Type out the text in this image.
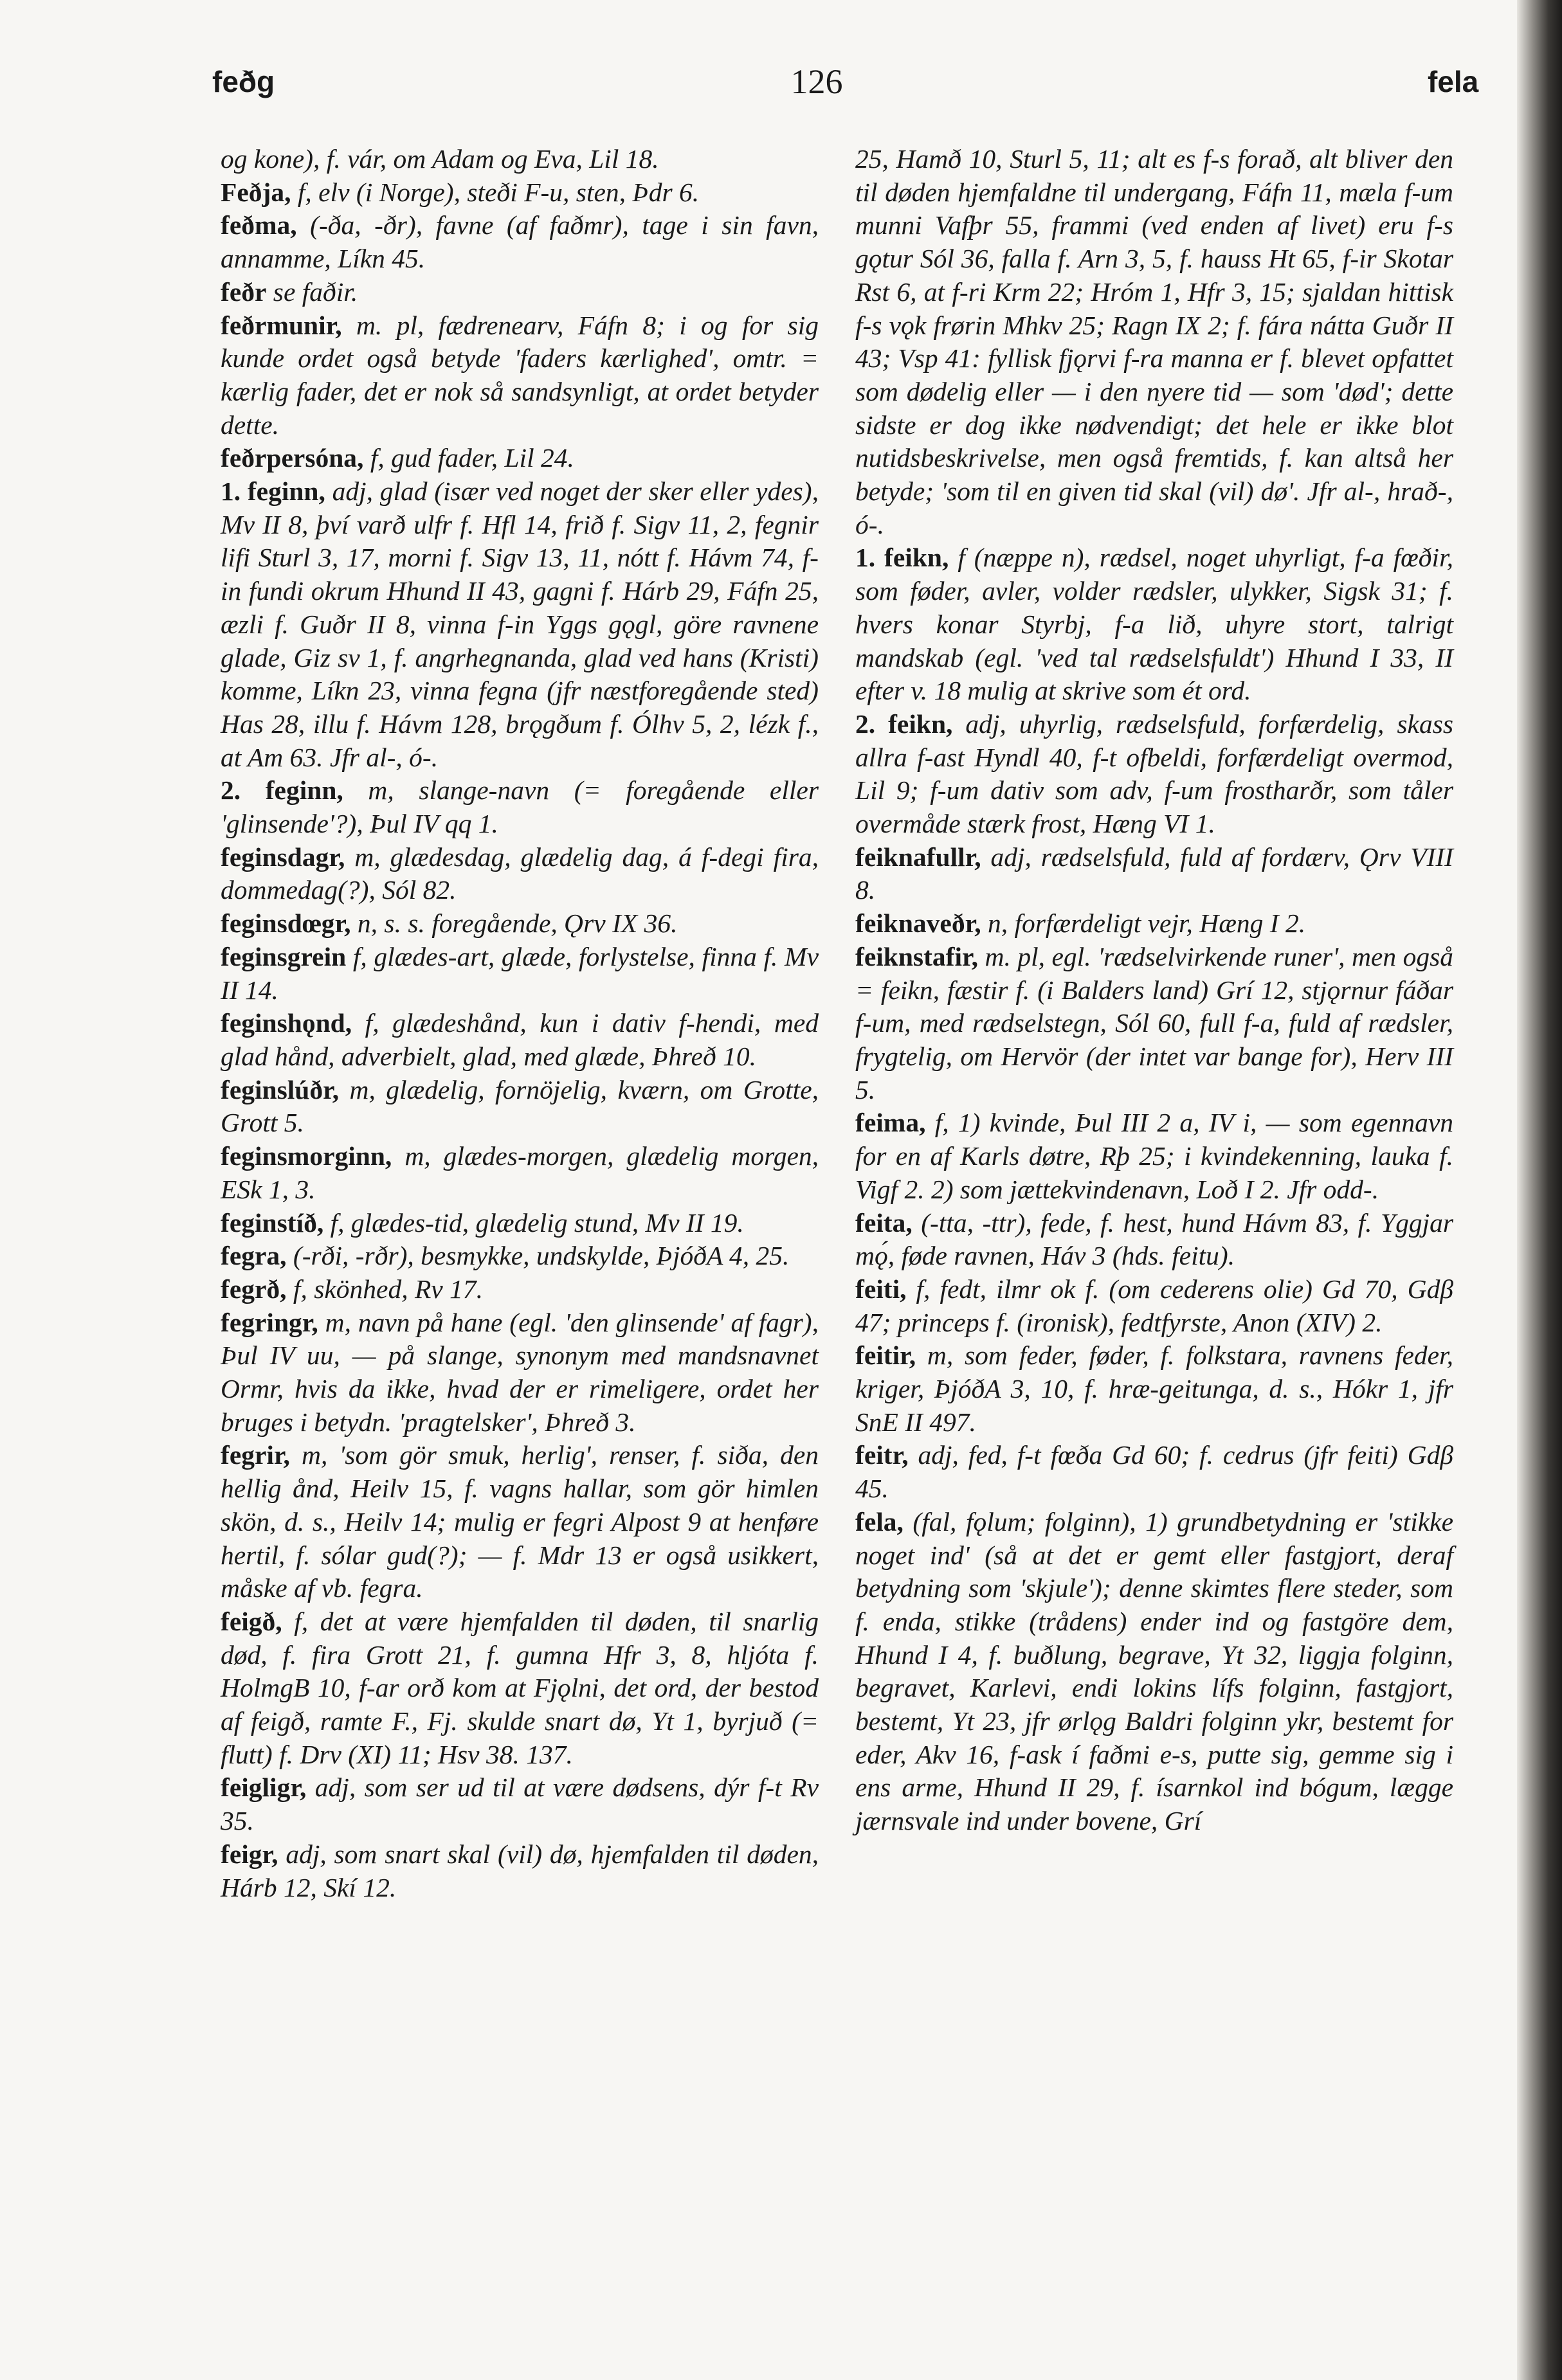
feðg	126	fela

og kone), f. vár, om Adam og Eva, Lil 18.

Feðja, f, elv (i Norge), steði F-u, sten, Þdr 6.

feðma, (-ða, -ðr), favne (af faðmr), tage i sin favn, annamme, Líkn 45.

feðr se faðir.

feðrmunir, m. pl, fædrenearv, Fáfn 8; i og for sig kunde ordet også betyde 'faders kærlighed', omtr. = kærlig fader, det er nok så sandsynligt, at ordet betyder dette.

feðrpersóna, f, gud fader, Lil 24.

1. feginn, adj, glad (især ved noget der sker eller ydes), Mv II 8, því varð ulfr f. Hfl 14, frið f. Sigv 11, 2, fegnir lifi Sturl 3, 17, morni f. Sigv 13, 11, nótt f. Hávm 74, f-in fundi okrum Hhund II 43, gagni f. Hárb 29, Fáfn 25, æzli f. Guðr II 8, vinna f-in Yggs gǫgl, göre ravnene glade, Giz sv 1, f. angrhegnanda, glad ved hans (Kristi) komme, Líkn 23, vinna fegna (jfr næstforegående sted) Has 28, illu f. Hávm 128, brǫgðum f. Ólhv 5, 2, lézk f., at Am 63. Jfr al-, ó-.

2. feginn, m, slange-navn (= foregående eller 'glinsende'?), Þul IV qq 1.

feginsdagr, m, glædesdag, glædelig dag, á f-degi fira, dommedag(?), Sól 82.

feginsdœgr, n, s. s. foregående, Ǫrv IX 36.

feginsgrein f, glædes-art, glæde, forlystelse, finna f. Mv II 14.

feginshǫnd, f, glædeshånd, kun i dativ f-hendi, med glad hånd, adverbielt, glad, med glæde, Þhreð 10.

feginslúðr, m, glædelig, fornöjelig, kværn, om Grotte, Grott 5.

feginsmorginn, m, glædes-morgen, glædelig morgen, ESk 1, 3.

feginstíð, f, glædes-tid, glædelig stund, Mv II 19.

fegra, (-rði, -rðr), besmykke, undskylde, ÞjóðA 4, 25.

fegrð, f, skönhed, Rv 17.

fegringr, m, navn på hane (egl. 'den glinsende' af fagr), Þul IV uu, — på slange, synonym med mandsnavnet Ormr, hvis da ikke, hvad der er rimeligere, ordet her bruges i betydn. 'pragtelsker', Þhreð 3.

fegrir, m, 'som gör smuk, herlig', renser, f. siða, den hellig ånd, Heilv 15, f. vagns hallar, som gör himlen skön, d. s., Heilv 14; mulig er fegri Alpost 9 at henføre hertil, f. sólar gud(?); — f. Mdr 13 er også usikkert, måske af vb. fegra.

feigð, f, det at være hjemfalden til døden, til snarlig død, f. fira Grott 21, f. gumna Hfr 3, 8, hljóta f. HolmgB 10, f-ar orð kom at Fjǫlni, det ord, der bestod af feigð, ramte F., Fj. skulde snart dø, Yt 1, byrjuð (= flutt) f. Drv (XI) 11; Hsv 38. 137.

feigligr, adj, som ser ud til at være dødsens, dýr f-t Rv 35.

feigr, adj, som snart skal (vil) dø, hjemfalden til døden, Hárb 12, Skí 12.

25, Hamð 10, Sturl 5, 11; alt es f-s forað, alt bliver den til døden hjemfaldne til undergang, Fáfn 11, mæla f-um munni Vafþr 55, frammi (ved enden af livet) eru f-s gǫtur Sól 36, falla f. Arn 3, 5, f. hauss Ht 65, f-ir Skotar Rst 6, at f-ri Krm 22; Hróm 1, Hfr 3, 15; sjaldan hittisk f-s vǫk frørin Mhkv 25; Ragn IX 2; f. fára nátta Guðr II 43; Vsp 41: fyllisk fjǫrvi f-ra manna er f. blevet opfattet som dødelig eller — i den nyere tid — som 'død'; dette sidste er dog ikke nødvendigt; det hele er ikke blot nutidsbeskrivelse, men også fremtids, f. kan altså her betyde; 'som til en given tid skal (vil) dø'. Jfr al-, hrað-, ó-.

1. feikn, f (næppe n), rædsel, noget uhyrligt, f-a fœðir, som føder, avler, volder rædsler, ulykker, Sigsk 31; f. hvers konar Styrbj, f-a lið, uhyre stort, talrigt mandskab (egl. 'ved tal rædselsfuldt') Hhund I 33, II efter v. 18 mulig at skrive som ét ord.

2. feikn, adj, uhyrlig, rædselsfuld, forfærdelig, skass allra f-ast Hyndl 40, f-t ofbeldi, forfærdeligt overmod, Lil 9; f-um dativ som adv, f-um frostharðr, som tåler overmåde stærk frost, Hæng VI 1.

feiknafullr, adj, rædselsfuld, fuld af fordærv, Ǫrv VIII 8.

feiknaveðr, n, forfærdeligt vejr, Hæng I 2.

feiknstafir, m. pl, egl. 'rædselvirkende runer', men også = feikn, fæstir f. (i Balders land) Grí 12, stjǫrnur fáðar f-um, med rædselstegn, Sól 60, full f-a, fuld af rædsler, frygtelig, om Hervör (der intet var bange for), Herv III 5.

feima, f, 1) kvinde, Þul III 2 a, IV i, — som egennavn for en af Karls døtre, Rþ 25; i kvindekenning, lauka f. Vigf 2. 2) som jættekvindenavn, Loð I 2. Jfr odd-.

feita, (-tta, -ttr), fede, f. hest, hund Hávm 83, f. Yggjar mǫ́, føde ravnen, Háv 3 (hds. feitu).

feiti, f, fedt, ilmr ok f. (om cederens olie) Gd 70, Gdβ 47; princeps f. (ironisk), fedtfyrste, Anon (XIV) 2.

feitir, m, som feder, føder, f. folkstara, ravnens feder, kriger, ÞjóðA 3, 10, f. hræ-geitunga, d. s., Hókr 1, jfr SnE II 497.

feitr, adj, fed, f-t fœða Gd 60; f. cedrus (jfr feiti) Gdβ 45.

fela, (fal, fǫlum; folginn), 1) grundbetydning er 'stikke noget ind' (så at det er gemt eller fastgjort, deraf betydning som 'skjule'); denne skimtes flere steder, som f. enda, stikke (trådens) ender ind og fastgöre dem, Hhund I 4, f. buðlung, begrave, Yt 32, liggja folginn, begravet, Karlevi, endi lokins lífs folginn, fastgjort, bestemt, Yt 23, jfr ørlǫg Baldri folginn ykr, bestemt for eder, Akv 16, f-ask í faðmi e-s, putte sig, gemme sig i ens arme, Hhund II 29, f. ísarnkol ind bógum, lægge jærnsvale ind under bovene, Grí
